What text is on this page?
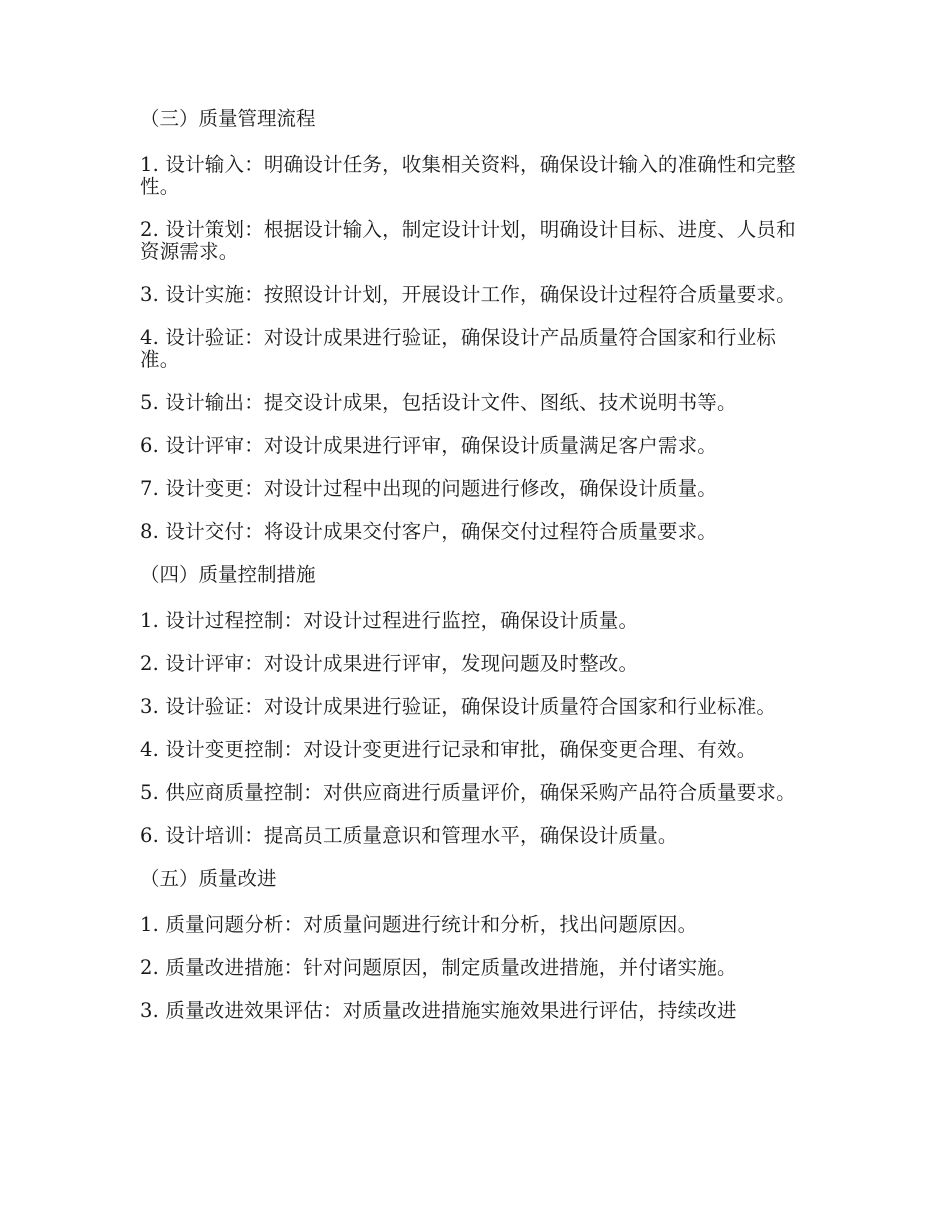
（三）质量管理流程
1. 设计输入：明确设计任务，收集相关资料，确保设计输入的准确性和完整性。
2. 设计策划：根据设计输入，制定设计计划，明确设计目标、进度、人员和资源需求。
3. 设计实施：按照设计计划，开展设计工作，确保设计过程符合质量要求。
4. 设计验证：对设计成果进行验证，确保设计产品质量符合国家和行业标准。
5. 设计输出：提交设计成果，包括设计文件、图纸、技术说明书等。
6. 设计评审：对设计成果进行评审，确保设计质量满足客户需求。
7. 设计变更：对设计过程中出现的问题进行修改，确保设计质量。
8. 设计交付：将设计成果交付客户，确保交付过程符合质量要求。
（四）质量控制措施
1. 设计过程控制：对设计过程进行监控，确保设计质量。
2. 设计评审：对设计成果进行评审，发现问题及时整改。
3. 设计验证：对设计成果进行验证，确保设计质量符合国家和行业标准。
4. 设计变更控制：对设计变更进行记录和审批，确保变更合理、有效。
5. 供应商质量控制：对供应商进行质量评价，确保采购产品符合质量要求。
6. 设计培训：提高员工质量意识和管理水平，确保设计质量。
（五）质量改进
1. 质量问题分析：对质量问题进行统计和分析，找出问题原因。
2. 质量改进措施：针对问题原因，制定质量改进措施，并付诸实施。
3. 质量改进效果评估：对质量改进措施实施效果进行评估，持续改进
